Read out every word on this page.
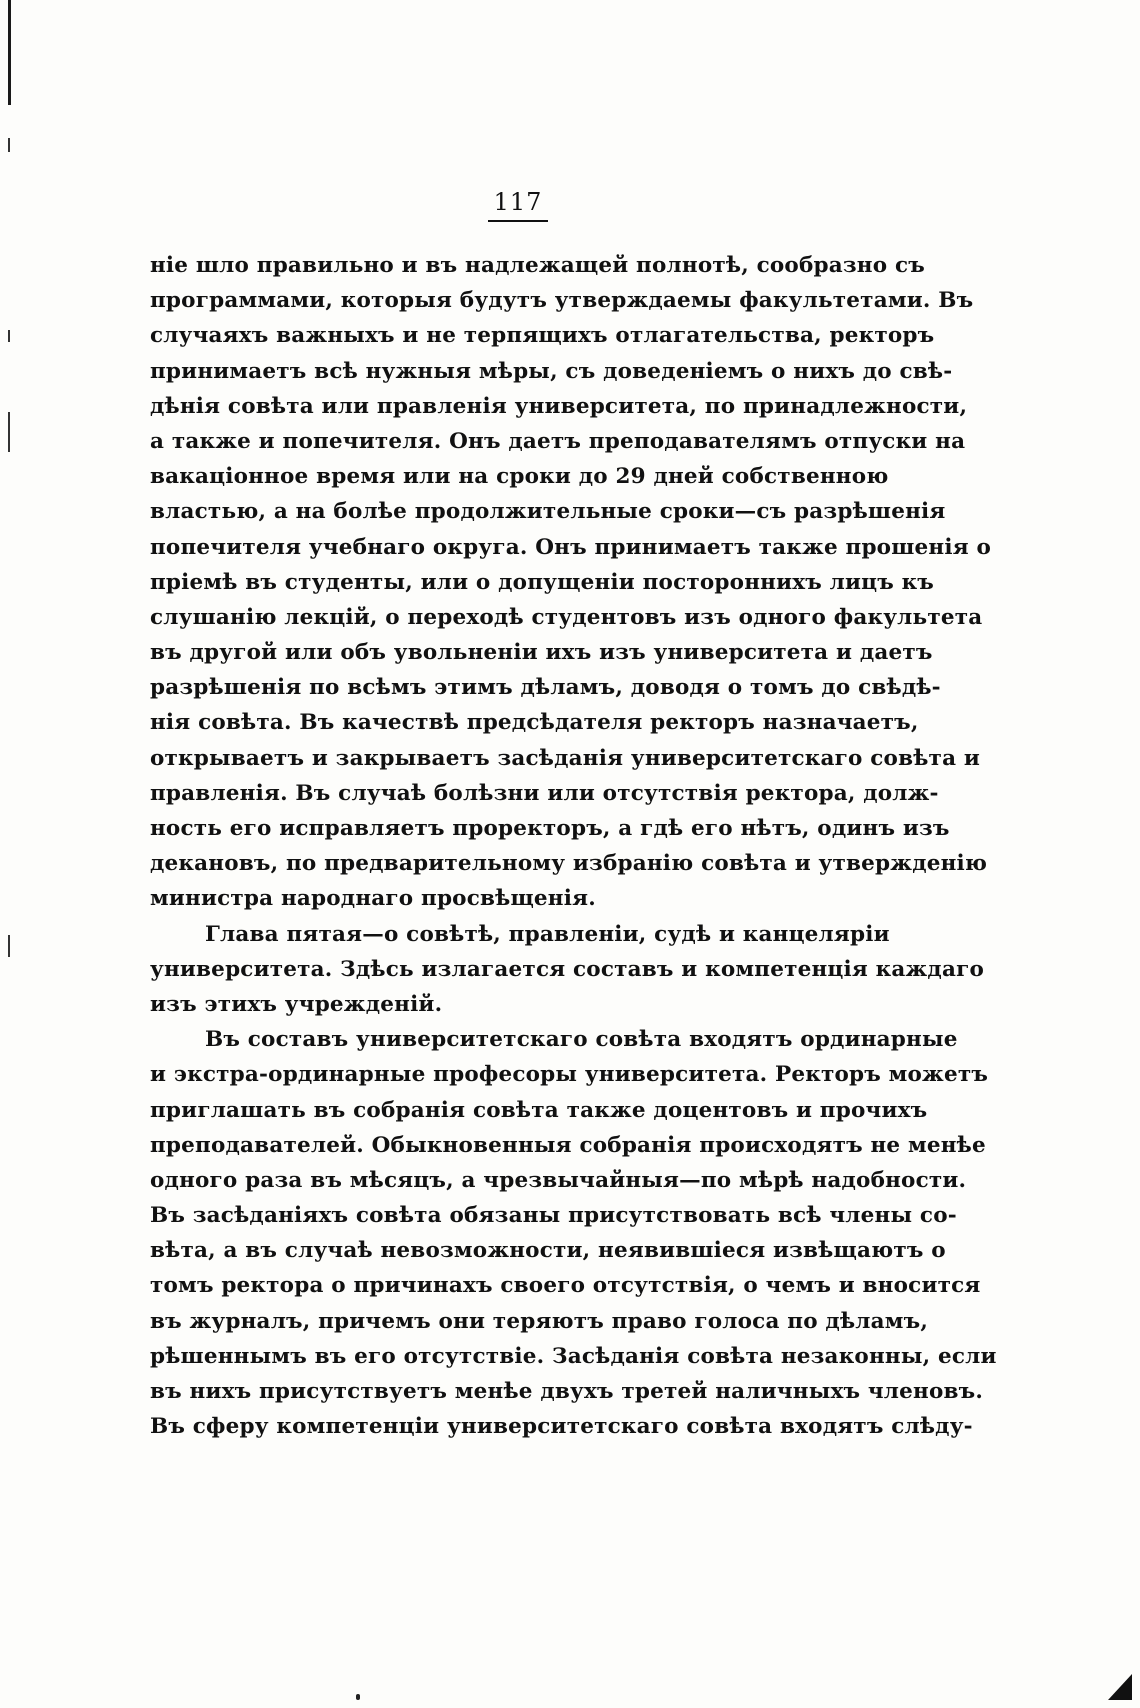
117
ніе шло правильно и въ надлежащей полнотѣ, сообразно съ
программами, которыя будутъ утверждаемы факультетами. Въ
случаяхъ важныхъ и не терпящихъ отлагательства, ректоръ
принимаетъ всѣ нужныя мѣры, съ доведеніемъ о нихъ до свѣ-
дѣнія совѣта или правленія университета, по принадлежности,
а также и попечителя. Онъ даетъ преподавателямъ отпуски на
вакаціонное время или на сроки до 29 дней собственною
властью, а на болѣе продолжительные сроки—съ разрѣшенія
попечителя учебнаго округа. Онъ принимаетъ также прошенія о
пріемѣ въ студенты, или о допущеніи постороннихъ лицъ къ
слушанію лекцій, о переходѣ студентовъ изъ одного факультета
въ другой или объ увольненіи ихъ изъ университета и даетъ
разрѣшенія по всѣмъ этимъ дѣламъ, доводя о томъ до свѣдѣ-
нія совѣта. Въ качествѣ предсѣдателя ректоръ назначаетъ,
открываетъ и закрываетъ засѣданія университетскаго совѣта и
правленія. Въ случаѣ болѣзни или отсутствія ректора, долж-
ность его исправляетъ проректоръ, а гдѣ его нѣтъ, одинъ изъ
декановъ, по предварительному избранію совѣта и утвержденію
министра народнаго просвѣщенія.
Глава пятая—о совѣтѣ, правленіи, судѣ и канцеляріи
университета. Здѣсь излагается составъ и компетенція каждаго
изъ этихъ учрежденій.
Въ составъ университетскаго совѣта входятъ ординарные
и экстра-ординарные професоры университета. Ректоръ можетъ
приглашать въ собранія совѣта также доцентовъ и прочихъ
преподавателей. Обыкновенныя собранія происходятъ не менѣе
одного раза въ мѣсяцъ, а чрезвычайныя—по мѣрѣ надобности.
Въ засѣданіяхъ совѣта обязаны присутствовать всѣ члены со-
вѣта, а въ случаѣ невозможности, неявившіеся извѣщаютъ о
томъ ректора о причинахъ своего отсутствія, о чемъ и вносится
въ журналъ, причемъ они теряютъ право голоса по дѣламъ,
рѣшеннымъ въ его отсутствіе. Засѣданія совѣта незаконны, если
въ нихъ присутствуетъ менѣе двухъ третей наличныхъ членовъ.
Въ сферу компетенціи университетскаго совѣта входятъ слѣду-
